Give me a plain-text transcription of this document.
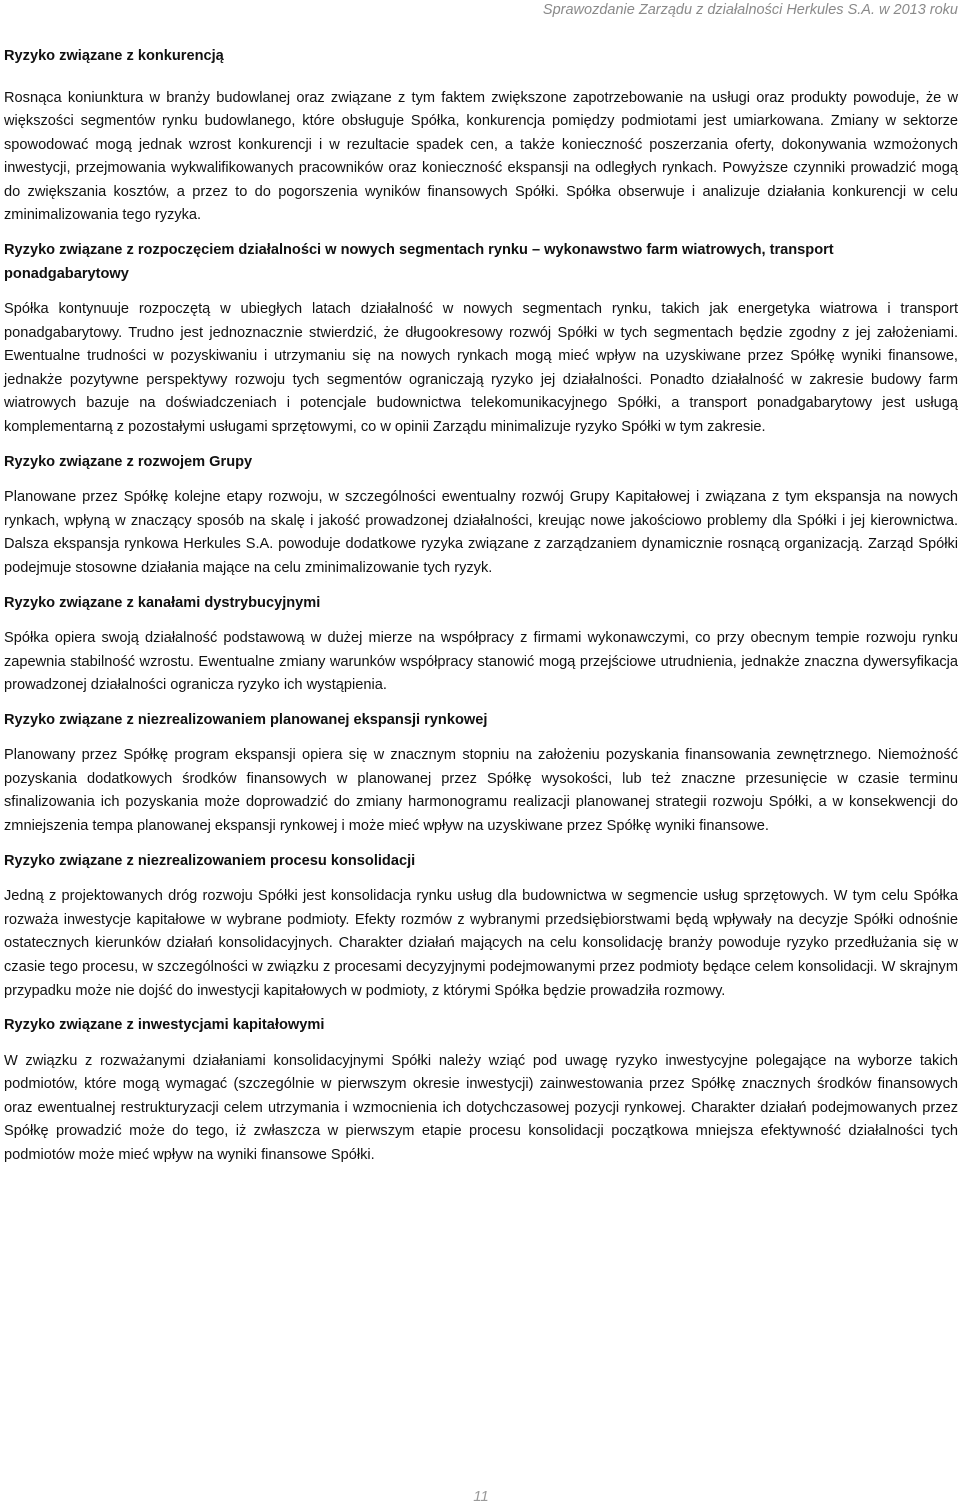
Sprawozdanie Zarządu z działalności Herkules S.A. w 2013 roku
Ryzyko związane z konkurencją

Rosnąca koniunktura w branży budowlanej oraz związane z tym faktem zwiększone zapotrzebowanie na usługi oraz produkty powoduje, że w większości segmentów rynku budowlanego, które obsługuje Spółka, konkurencja pomiędzy podmiotami jest umiarkowana. Zmiany w sektorze spowodować mogą jednak wzrost konkurencji i w rezultacie spadek cen, a także konieczność poszerzania oferty, dokonywania wzmożonych inwestycji, przejmowania wykwalifikowanych pracowników oraz konieczność ekspansji na odległych rynkach. Powyższe czynniki prowadzić mogą do zwiększania kosztów, a przez to do pogorszenia wyników finansowych Spółki. Spółka obserwuje i analizuje działania konkurencji w celu zminimalizowania tego ryzyka.

Ryzyko związane z rozpoczęciem działalności w nowych segmentach rynku – wykonawstwo farm wiatrowych, transport ponadgabarytowy

Spółka kontynuuje rozpoczętą w ubiegłych latach działalność w nowych segmentach rynku, takich jak energetyka wiatrowa i transport ponadgabarytowy. Trudno jest jednoznacznie stwierdzić, że długookresowy rozwój Spółki w tych segmentach będzie zgodny z jej założeniami. Ewentualne trudności w pozyskiwaniu i utrzymaniu się na nowych rynkach mogą mieć wpływ na uzyskiwane przez Spółkę wyniki finansowe, jednakże pozytywne perspektywy rozwoju tych segmentów ograniczają ryzyko jej działalności. Ponadto działalność w zakresie budowy farm wiatrowych bazuje na doświadczeniach i potencjale budownictwa telekomunikacyjnego Spółki, a transport ponadgabarytowy jest usługą komplementarną z pozostałymi usługami sprzętowymi, co w opinii Zarządu minimalizuje ryzyko Spółki w tym zakresie.

Ryzyko związane z rozwojem Grupy

Planowane przez Spółkę kolejne etapy rozwoju, w szczególności ewentualny rozwój Grupy Kapitałowej i związana z tym ekspansja na nowych rynkach, wpłyną w znaczący sposób na skalę i jakość prowadzonej działalności, kreując nowe jakościowo problemy dla Spółki i jej kierownictwa. Dalsza ekspansja rynkowa Herkules S.A. powoduje dodatkowe ryzyka związane z zarządzaniem dynamicznie rosnącą organizacją. Zarząd Spółki podejmuje stosowne działania mające na celu zminimalizowanie tych ryzyk.

Ryzyko związane z kanałami dystrybucyjnymi

Spółka opiera swoją działalność podstawową w dużej mierze na współpracy z firmami wykonawczymi, co przy obecnym tempie rozwoju rynku zapewnia stabilność wzrostu. Ewentualne zmiany warunków współpracy stanowić mogą przejściowe utrudnienia, jednakże znaczna dywersyfikacja prowadzonej działalności ogranicza ryzyko ich wystąpienia.

Ryzyko związane z niezrealizowaniem planowanej ekspansji rynkowej

Planowany przez Spółkę program ekspansji opiera się w znacznym stopniu na założeniu pozyskania finansowania zewnętrznego. Niemożność pozyskania dodatkowych środków finansowych w planowanej przez Spółkę wysokości, lub też znaczne przesunięcie w czasie terminu sfinalizowania ich pozyskania może doprowadzić do zmiany harmonogramu realizacji planowanej strategii rozwoju Spółki, a w konsekwencji do zmniejszenia tempa planowanej ekspansji rynkowej i może mieć wpływ na uzyskiwane przez Spółkę wyniki finansowe.

Ryzyko związane z niezrealizowaniem procesu konsolidacji

Jedną z projektowanych dróg rozwoju Spółki jest konsolidacja rynku usług dla budownictwa w segmencie usług sprzętowych. W tym celu Spółka rozważa inwestycje kapitałowe w wybrane podmioty. Efekty rozmów z wybranymi przedsiębiorstwami będą wpływały na decyzje Spółki odnośnie ostatecznych kierunków działań konsolidacyjnych. Charakter działań mających na celu konsolidację branży powoduje ryzyko przedłużania się w czasie tego procesu, w szczególności w związku z procesami decyzyjnymi podejmowanymi przez podmioty będące celem konsolidacji. W skrajnym przypadku może nie dojść do inwestycji kapitałowych w podmioty, z którymi Spółka będzie prowadziła rozmowy.

Ryzyko związane z inwestycjami kapitałowymi

W związku z rozważanymi działaniami konsolidacyjnymi Spółki należy wziąć pod uwagę ryzyko inwestycyjne polegające na wyborze takich podmiotów, które mogą wymagać (szczególnie w pierwszym okresie inwestycji) zainwestowania przez Spółkę znacznych środków finansowych oraz ewentualnej restrukturyzacji celem utrzymania i wzmocnienia ich dotychczasowej pozycji rynkowej. Charakter działań podejmowanych przez Spółkę prowadzić może do tego, iż zwłaszcza w pierwszym etapie procesu konsolidacji początkowa mniejsza efektywność działalności tych podmiotów może mieć wpływ na wyniki finansowe Spółki.

11
